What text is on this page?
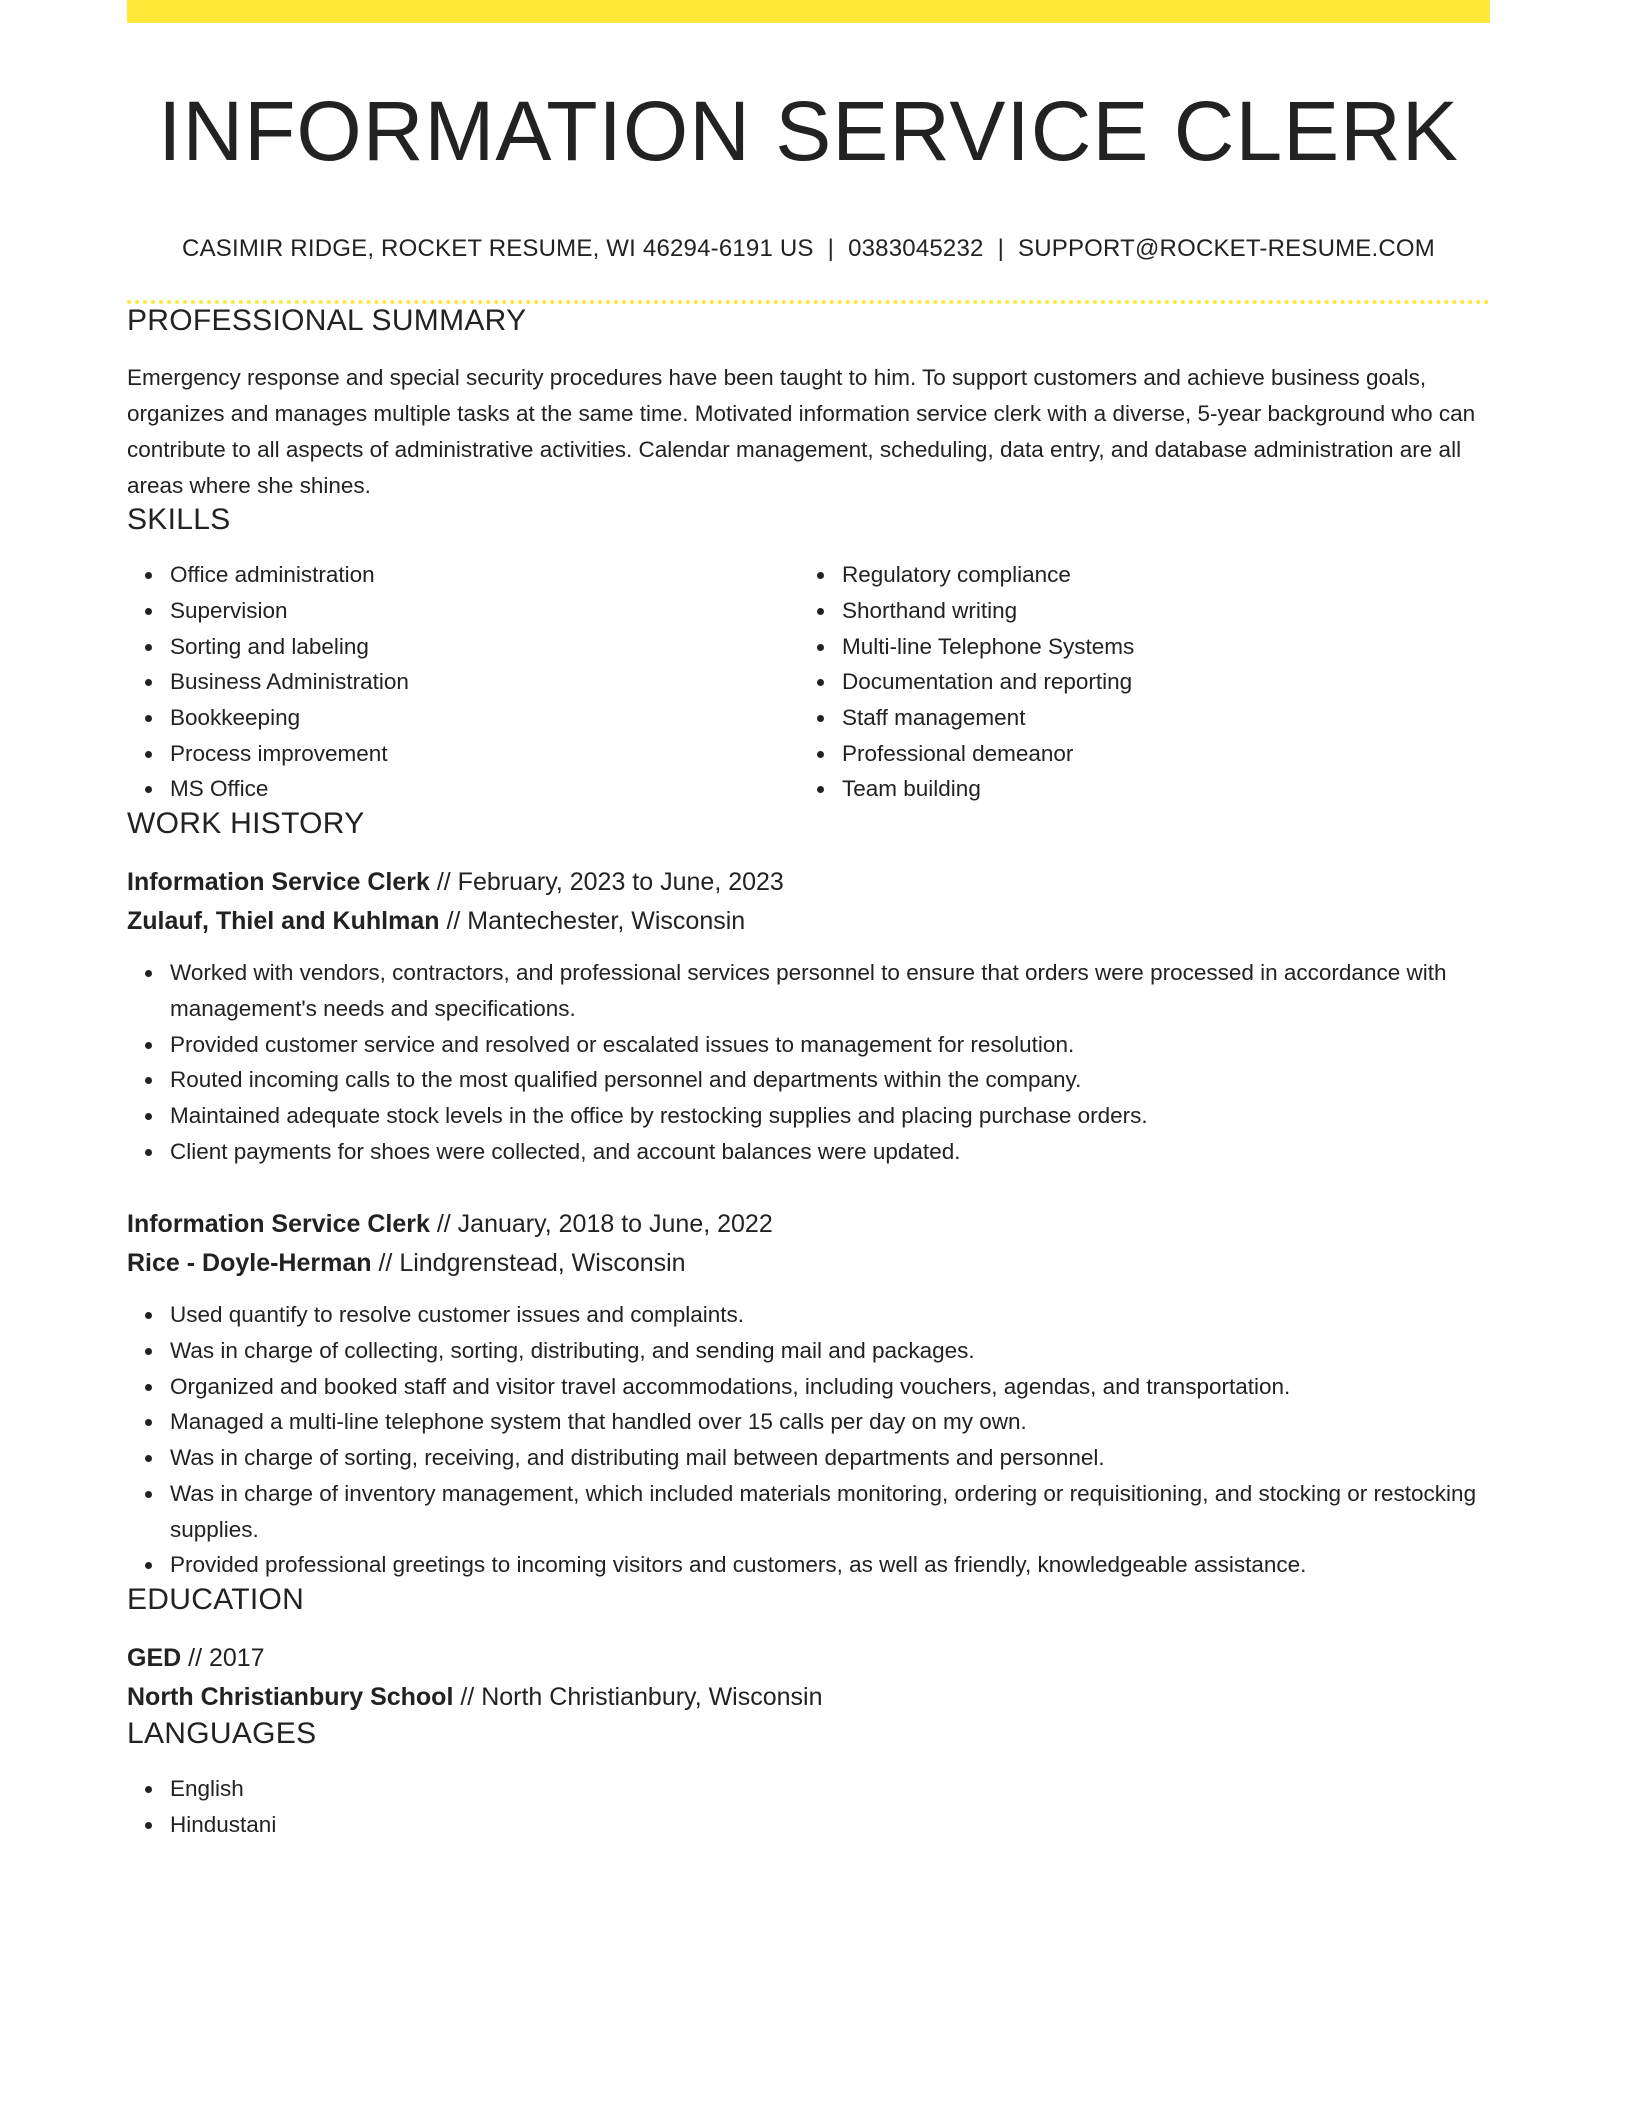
INFORMATION SERVICE CLERK
CASIMIR RIDGE, ROCKET RESUME, WI 46294-6191 US | 0383045232 | SUPPORT@ROCKET-RESUME.COM
PROFESSIONAL SUMMARY

Emergency response and special security procedures have been taught to him. To support customers and achieve business goals, organizes and manages multiple tasks at the same time. Motivated information service clerk with a diverse, 5-year background who can contribute to all aspects of administrative activities. Calendar management, scheduling, data entry, and database administration are all areas where she shines.

SKILLS
Office administration
Supervision
Sorting and labeling
Business Administration
Bookkeeping
Process improvement
MS Office
Regulatory compliance
Shorthand writing
Multi-line Telephone Systems
Documentation and reporting
Staff management
Professional demeanor
Team building
WORK HISTORY
Information Service Clerk // February, 2023 to June, 2023
Zulauf, Thiel and Kuhlman // Mantechester, Wisconsin
Worked with vendors, contractors, and professional services personnel to ensure that orders were processed in accordance with management's needs and specifications.
Provided customer service and resolved or escalated issues to management for resolution.
Routed incoming calls to the most qualified personnel and departments within the company.
Maintained adequate stock levels in the office by restocking supplies and placing purchase orders.
Client payments for shoes were collected, and account balances were updated.
Information Service Clerk // January, 2018 to June, 2022
Rice - Doyle-Herman // Lindgrenstead, Wisconsin
Used quantify to resolve customer issues and complaints.
Was in charge of collecting, sorting, distributing, and sending mail and packages.
Organized and booked staff and visitor travel accommodations, including vouchers, agendas, and transportation.
Managed a multi-line telephone system that handled over 15 calls per day on my own.
Was in charge of sorting, receiving, and distributing mail between departments and personnel.
Was in charge of inventory management, which included materials monitoring, ordering or requisitioning, and stocking or restocking supplies.
Provided professional greetings to incoming visitors and customers, as well as friendly, knowledgeable assistance.
EDUCATION
GED // 2017
North Christianbury School // North Christianbury, Wisconsin
LANGUAGES
English
Hindustani
